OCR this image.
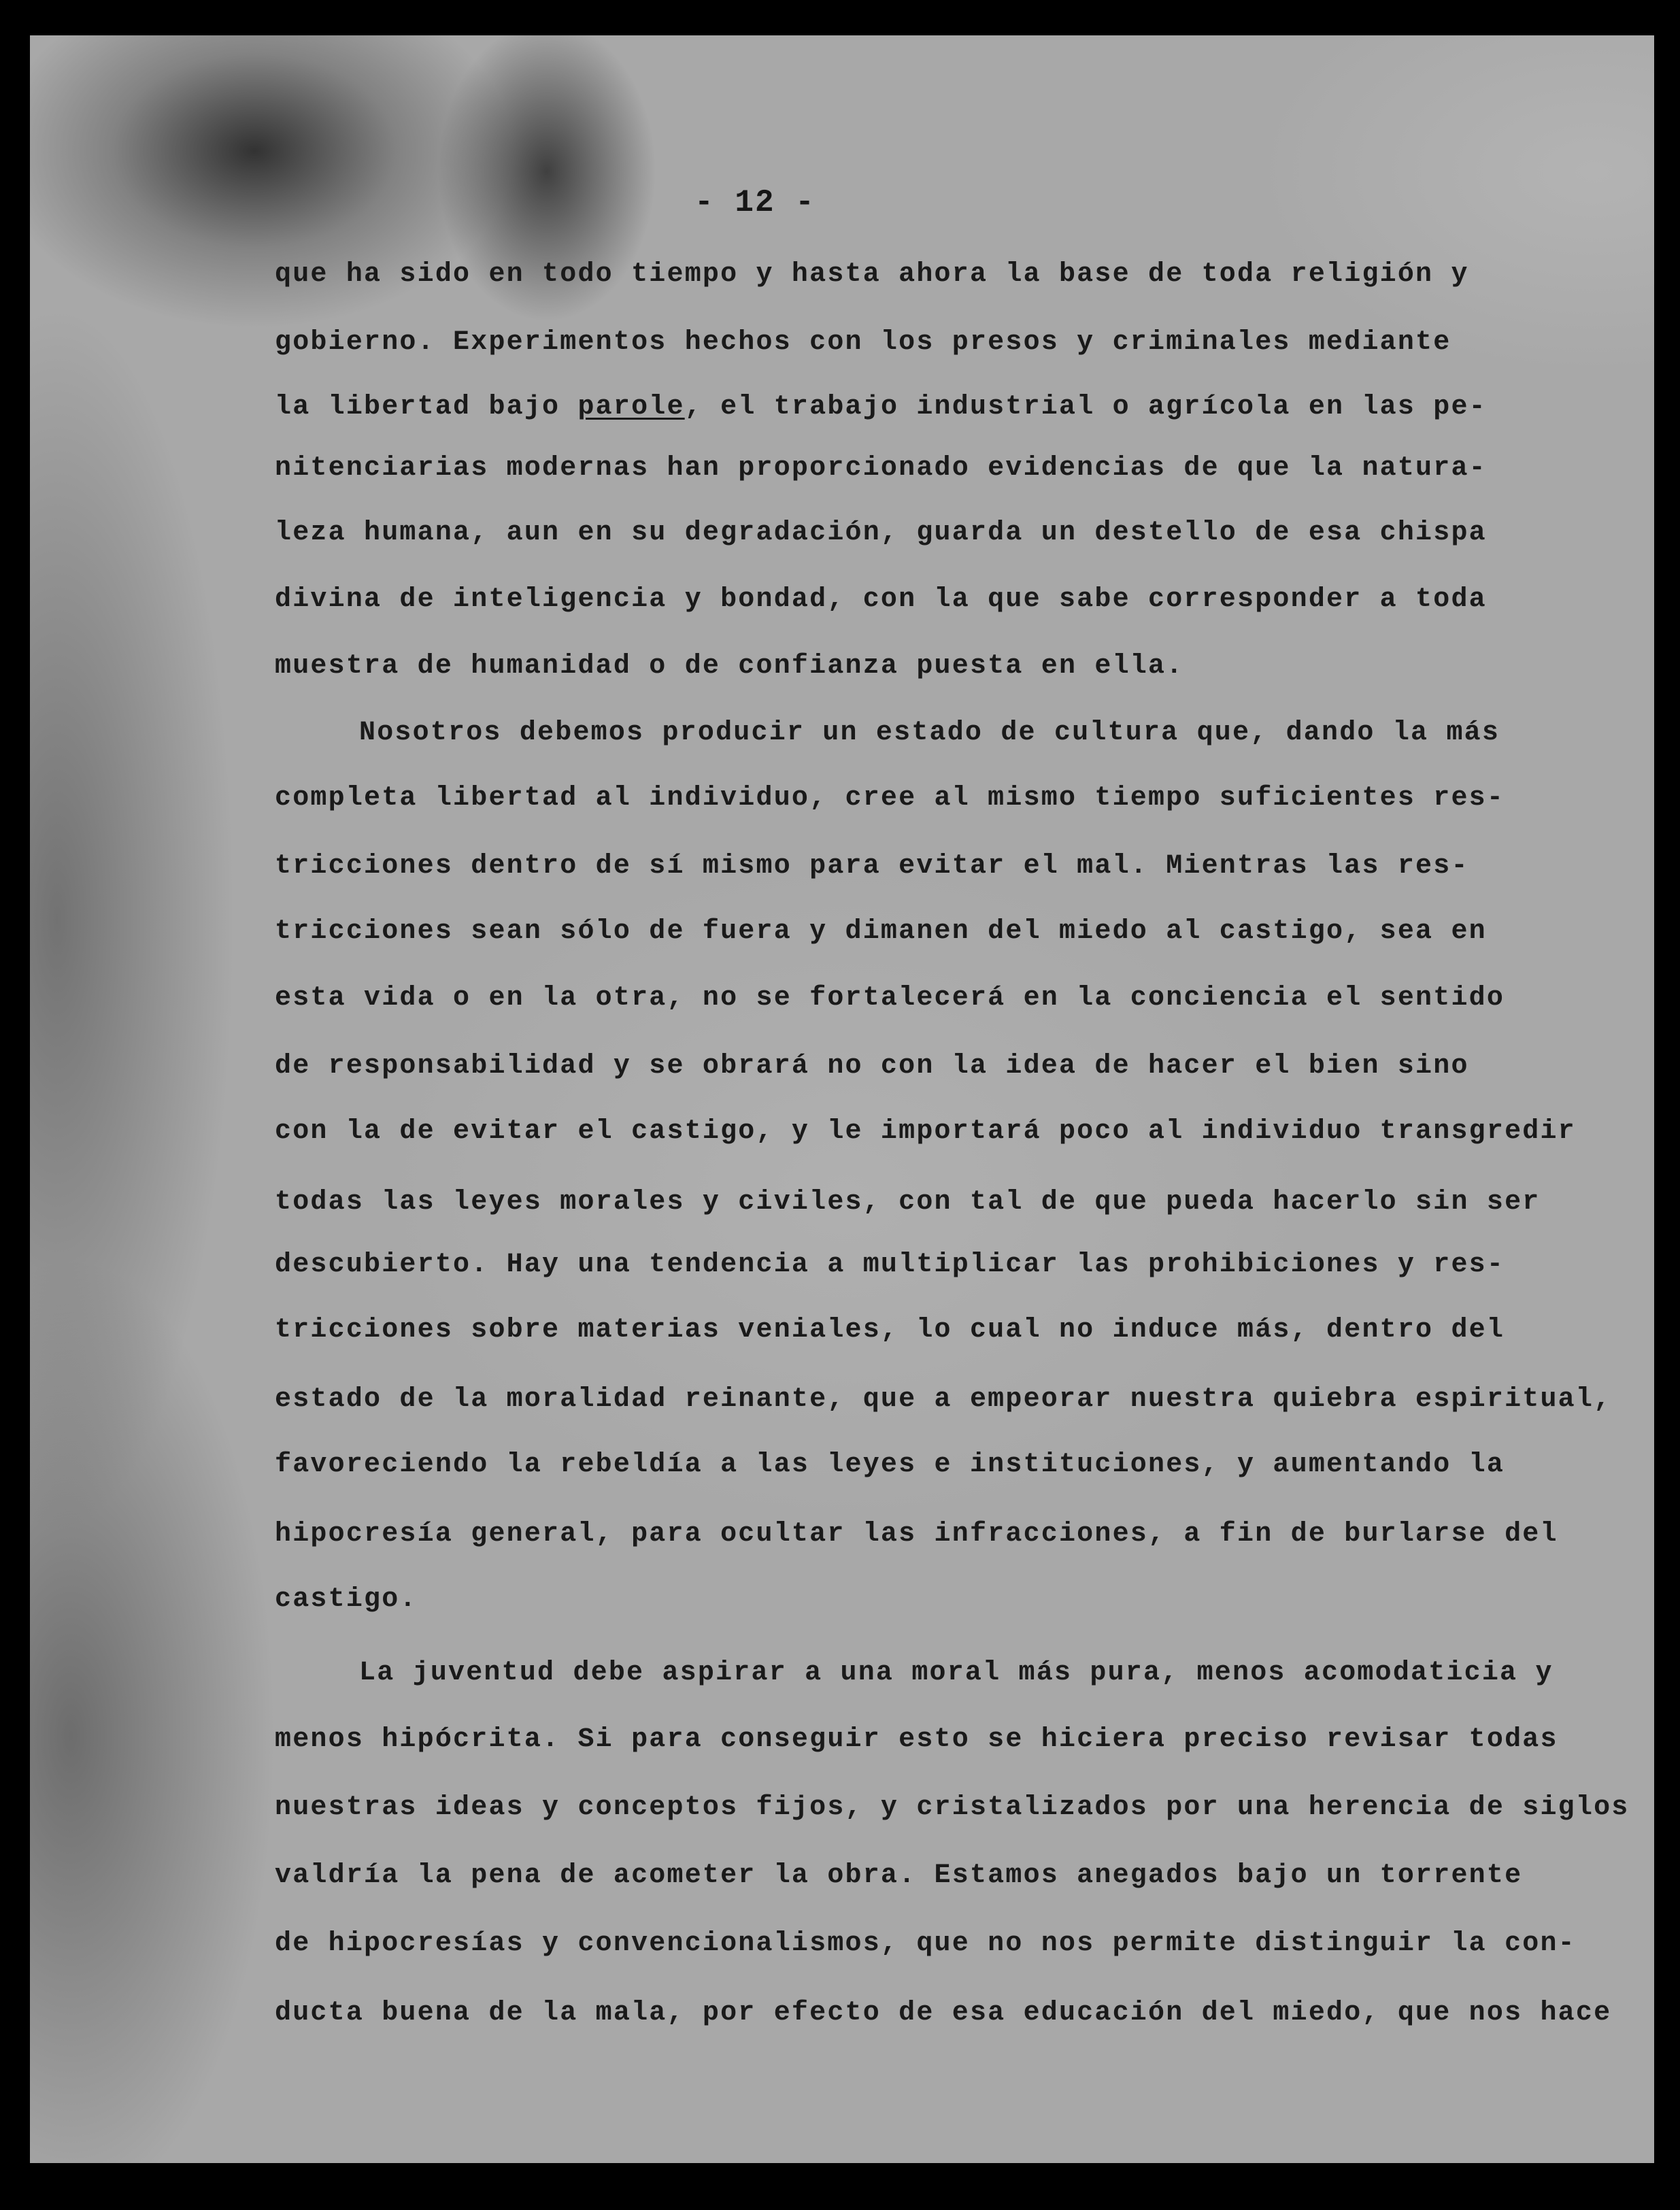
- 12 -
que ha sido en todo tiempo y hasta ahora la base de toda religión y
gobierno. Experimentos hechos con los presos y criminales mediante
la libertad bajo parole, el trabajo industrial o agrícola en las pe-
nitenciarias modernas han proporcionado evidencias de que la natura-
leza humana, aun en su degradación, guarda un destello de esa chispa
divina de inteligencia y bondad, con la que sabe corresponder a toda
muestra de humanidad o de confianza puesta en ella.
Nosotros debemos producir un estado de cultura que, dando la más
completa libertad al individuo, cree al mismo tiempo suficientes res-
tricciones dentro de sí mismo para evitar el mal. Mientras las res-
tricciones sean sólo de fuera y dimanen del miedo al castigo, sea en
esta vida o en la otra, no se fortalecerá en la conciencia el sentido
de responsabilidad y se obrará no con la idea de hacer el bien sino
con la de evitar el castigo, y le importará poco al individuo transgredir
todas las leyes morales y civiles, con tal de que pueda hacerlo sin ser
descubierto. Hay una tendencia a multiplicar las prohibiciones y res-
tricciones sobre materias veniales, lo cual no induce más, dentro del
estado de la moralidad reinante, que a empeorar nuestra quiebra espiritual,
favoreciendo la rebeldía a las leyes e instituciones, y aumentando la
hipocresía general, para ocultar las infracciones, a fin de burlarse del
castigo.
La juventud debe aspirar a una moral más pura, menos acomodaticia y
menos hipócrita. Si para conseguir esto se hiciera preciso revisar todas
nuestras ideas y conceptos fijos, y cristalizados por una herencia de siglos
valdría la pena de acometer la obra. Estamos anegados bajo un torrente
de hipocresías y convencionalismos, que no nos permite distinguir la con-
ducta buena de la mala, por efecto de esa educación del miedo, que nos hace
